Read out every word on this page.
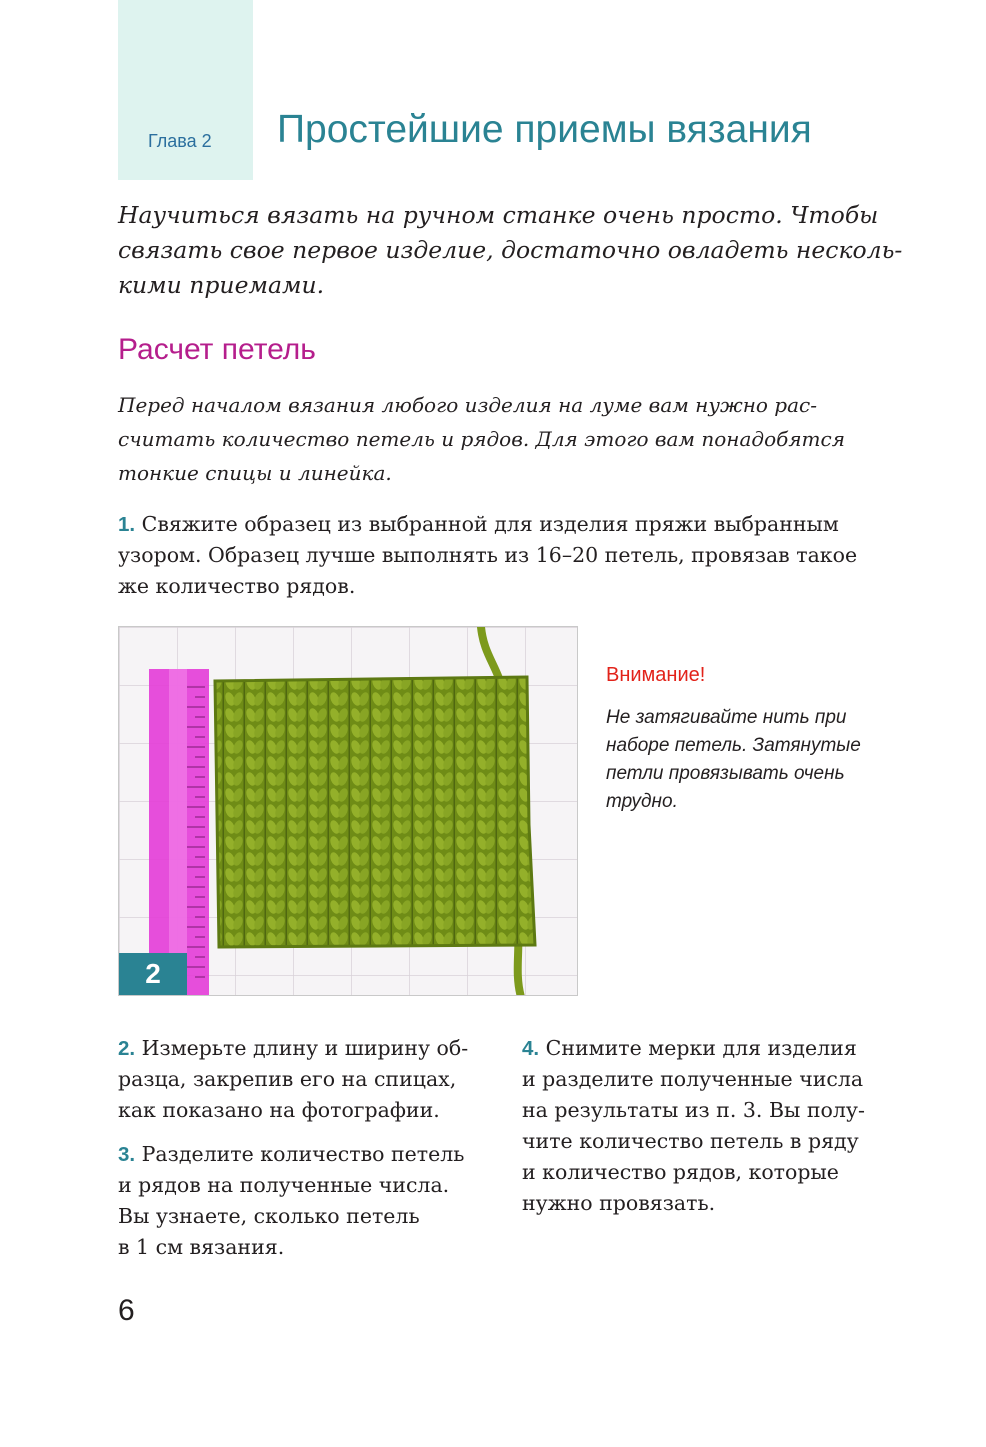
Глава 2 Простейшие приемы вязания
Научиться вязать на ручном станке очень просто. Чтобы
связать свое первое изделие, достаточно овладеть несколь-
кими приемами.
Расчет петель
Перед началом вязания любого изделия на луме вам нужно рас-
считать количество петель и рядов. Для этого вам понадобятся
тонкие спицы и линейка.
1. Свяжите образец из выбранной для изделия пряжи выбранным
узором. Образец лучше выполнять из 16–20 петель, провязав такое
же количество рядов.
2
Внимание!
Не затягивайте нить при
наборе петель. Затянутые
петли провязывать очень
трудно.
2. Измерьте длину и ширину об-
разца, закрепив его на спицах,
как показано на фотографии.
3. Разделите количество петель
и рядов на полученные числа.
Вы узнаете, сколько петель
в 1 см вязания.
4. Снимите мерки для изделия
и разделите полученные числа
на результаты из п. 3. Вы полу-
чите количество петель в ряду
и количество рядов, которые
нужно провязать.
6
